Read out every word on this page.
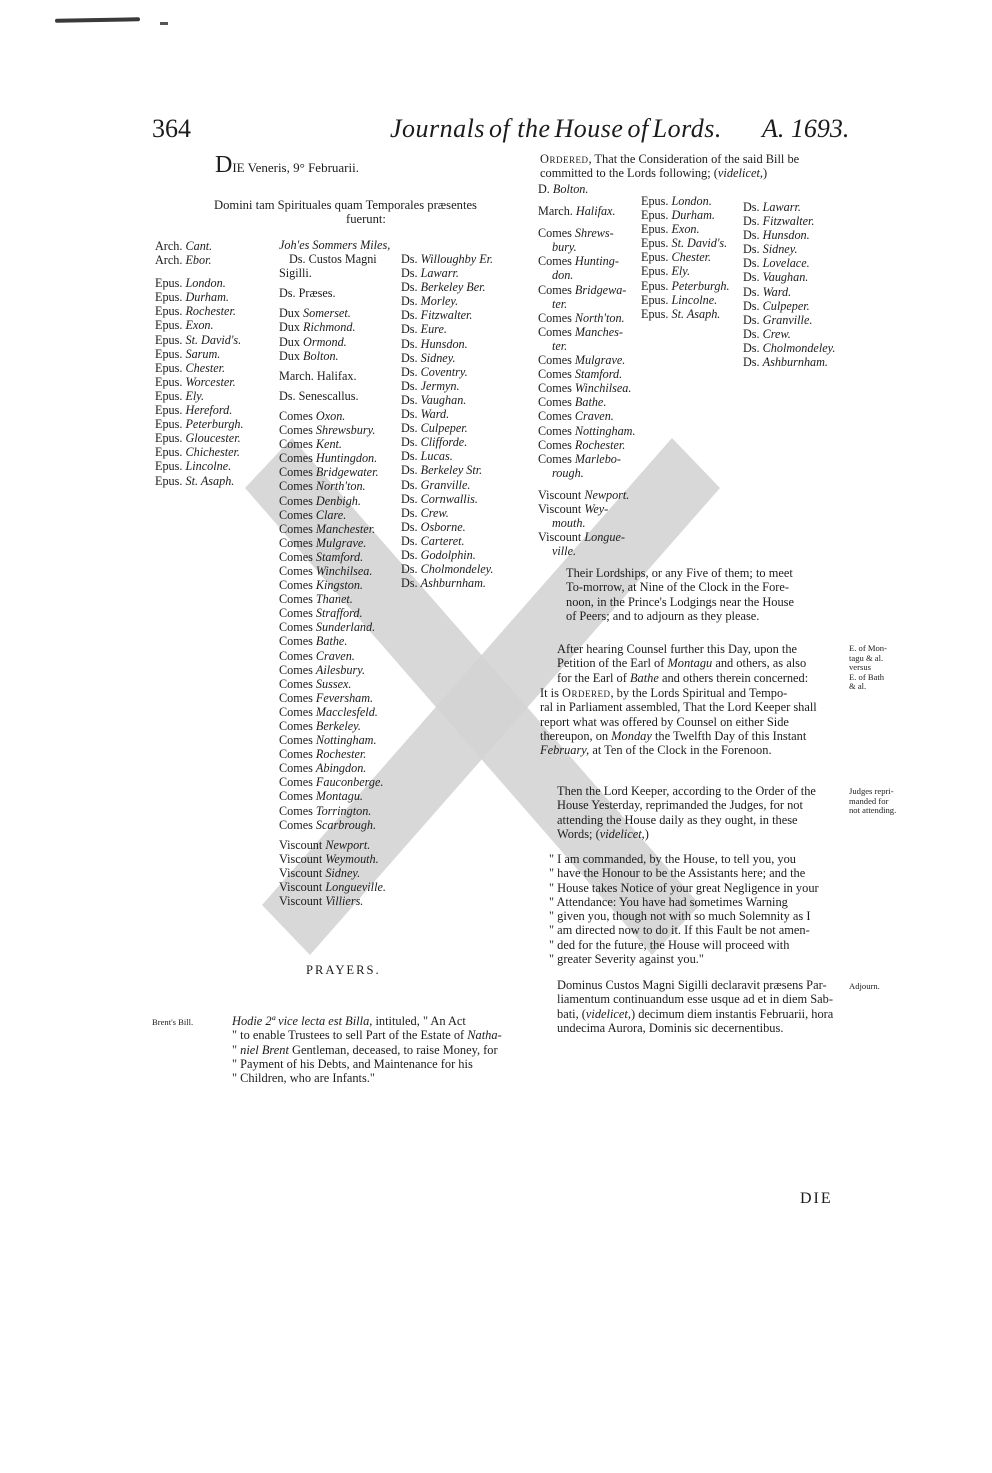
364	Journals of the House of Lords. A. 1693.
DIE Veneris, 9° Februarii.
Domini tam Spirituales quam Temporales præsentes
fuerunt:
Arch. Cant.
Arch. Ebor.
Epus. London.
Epus. Durham.
Epus. Rochester.
Epus. Exon.
Epus. St. David's.
Epus. Sarum.
Epus. Chester.
Epus. Worcester.
Epus. Ely.
Epus. Hereford.
Epus. Peterburgh.
Epus. Gloucester.
Epus. Chichester.
Epus. Lincolne.
Epus. St. Asaph.
Joh'es Sommers Miles,
Ds. Custos Magni
Sigilli.
Ds. Præses.
Dux Somerset.
Dux Richmond.
Dux Ormond.
Dux Bolton.
March. Halifax.
Ds. Senescallus.
Comes Oxon.
Comes Shrewsbury.
Comes Kent.
Comes Huntingdon.
Comes Bridgewater.
Comes North'ton.
Comes Denbigh.
Comes Clare.
Comes Manchester.
Comes Mulgrave.
Comes Stamford.
Comes Winchilsea.
Comes Kingston.
Comes Thanet.
Comes Strafford.
Comes Sunderland.
Comes Bathe.
Comes Craven.
Comes Ailesbury.
Comes Sussex.
Comes Feversham.
Comes Macclesfeld.
Comes Berkeley.
Comes Nottingham.
Comes Rochester.
Comes Abingdon.
Comes Fauconberge.
Comes Montagu.
Comes Torrington.
Comes Scarbrough.
Viscount Newport.
Viscount Weymouth.
Viscount Sidney.
Viscount Longueville.
Viscount Villiers.
Ds. Willoughby Er.
Ds. Lawarr.
Ds. Berkeley Ber.
Ds. Morley.
Ds. Fitzwalter.
Ds. Eure.
Ds. Hunsdon.
Ds. Sidney.
Ds. Coventry.
Ds. Jermyn.
Ds. Vaughan.
Ds. Ward.
Ds. Culpeper.
Ds. Clifforde.
Ds. Lucas.
Ds. Berkeley Str.
Ds. Granville.
Ds. Cornwallis.
Ds. Crew.
Ds. Osborne.
Ds. Carteret.
Ds. Godolphin.
Ds. Cholmondeley.
Ds. Ashburnham.
PRAYERS.
Brent's Bill.	Hodie 2ª vice lecta est Billa, intituled, " An Act
" to enable Trustees to sell Part of the Estate of Natha-
" niel Brent Gentleman, deceased, to raise Money, for
" Payment of his Debts, and Maintenance for his
" Children, who are Infants."
Ordered, That the Consideration of the said Bill be
committed to the Lords following; (videlicet,)
D. Bolton.
March. Halifax.
Comes Shrews-
bury.
Comes Hunting-
don.
Comes Bridgewa-
ter.
Comes North'ton.
Comes Manches-
ter.
Comes Mulgrave.
Comes Stamford.
Comes Winchilsea.
Comes Bathe.
Comes Craven.
Comes Nottingham.
Comes Rochester.
Comes Marlebo-
rough.
Viscount Newport.
Viscount Wey-
mouth.
Viscount Longue-
ville.
Epus. London.
Epus. Durham.
Epus. Exon.
Epus. St. David's.
Epus. Chester.
Epus. Ely.
Epus. Peterburgh.
Epus. Lincolne.
Epus. St. Asaph.
Ds. Lawarr.
Ds. Fitzwalter.
Ds. Hunsdon.
Ds. Sidney.
Ds. Lovelace.
Ds. Vaughan.
Ds. Ward.
Ds. Culpeper.
Ds. Granville.
Ds. Crew.
Ds. Cholmondeley.
Ds. Ashburnham.
Their Lordships, or any Five of them; to meet
To-morrow, at Nine of the Clock in the Fore-
noon, in the Prince's Lodgings near the House
of Peers; and to adjourn as they please.
After hearing Counsel further this Day, upon the
Petition of the Earl of Montagu and others, as also
for the Earl of Bathe and others therein concerned:
E. of Mon-
tagu & al.
versus
E. of Bath
& al.
It is Ordered, by the Lords Spiritual and Tempo-
ral in Parliament assembled, That the Lord Keeper shall
report what was offered by Counsel on either Side
thereupon, on Monday the Twelfth Day of this Instant
February, at Ten of the Clock in the Forenoon.
Then the Lord Keeper, according to the Order of the
House Yesterday, reprimanded the Judges, for not
attending the House daily as they ought, in these
Words; (videlicet,)
Judges repri-
manded for
not attending.
" I am commanded, by the House, to tell you, you
" have the Honour to be the Assistants here; and the
" House takes Notice of your great Negligence in your
" Attendance: You have had sometimes Warning
" given you, though not with so much Solemnity as I
" am directed now to do it. If this Fault be not amen-
" ded for the future, the House will proceed with
" greater Severity against you."
Dominus Custos Magni Sigilli declaravit præsens Par-
liamentum continuandum esse usque ad et in diem Sab-
bati, (videlicet,) decimum diem instantis Februarii, hora
undecima Aurora, Dominis sic decernentibus.
Adjourn.
DIE
